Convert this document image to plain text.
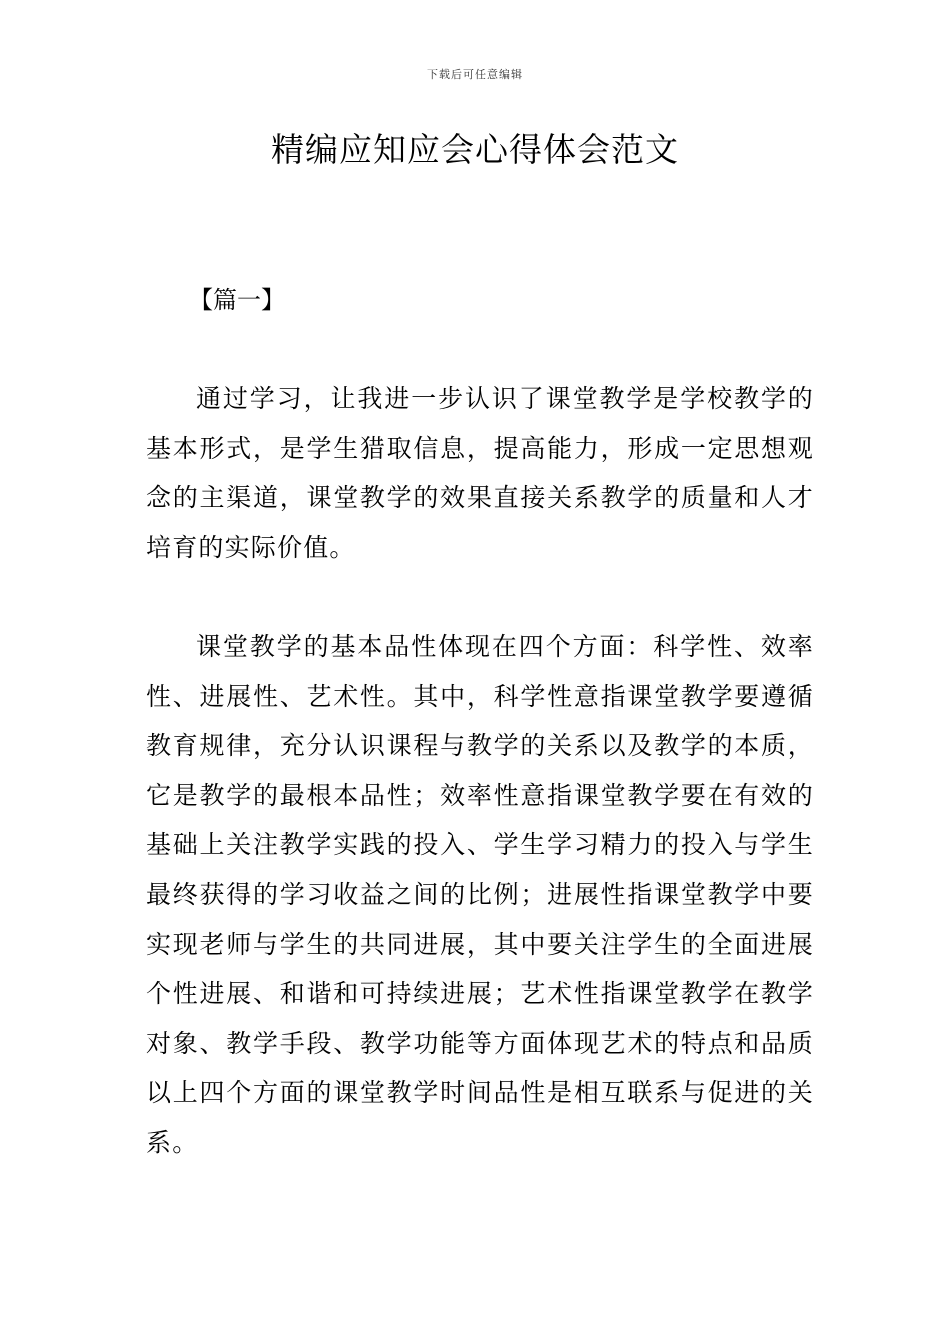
下载后可任意编辑
精编应知应会心得体会范文
【篇一】

通过学习，让我进一步认识了课堂教学是学校教学的基本形式，是学生猎取信息，提高能力，形成一定思想观念的主渠道，课堂教学的效果直接关系教学的质量和人才培育的实际价值。

课堂教学的基本品性体现在四个方面：科学性、效率性、进展性、艺术性。其中，科学性意指课堂教学要遵循教育规律，充分认识课程与教学的关系以及教学的本质，它是教学的最根本品性；效率性意指课堂教学要在有效的基础上关注教学实践的投入、学生学习精力的投入与学生最终获得的学习收益之间的比例；进展性指课堂教学中要实现老师与学生的共同进展，其中要关注学生的全面进展个性进展、和谐和可持续进展；艺术性指课堂教学在教学对象、教学手段、教学功能等方面体现艺术的特点和品质以上四个方面的课堂教学时间品性是相互联系与促进的关系。
